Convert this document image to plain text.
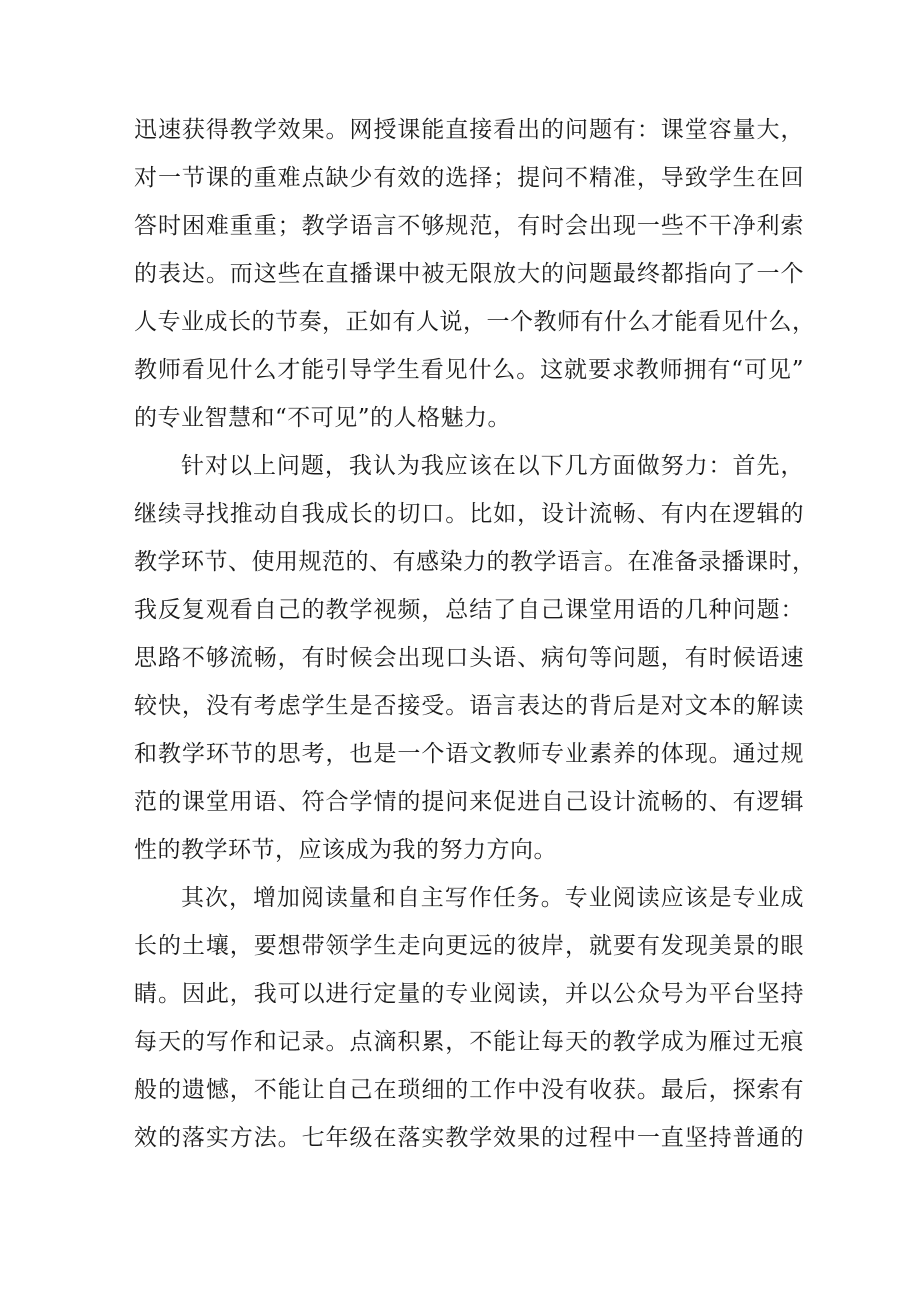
迅速获得教学效果。网授课能直接看出的问题有：课堂容量大，
对一节课的重难点缺少有效的选择；提问不精准，导致学生在回
答时困难重重；教学语言不够规范，有时会出现一些不干净利索
的表达。而这些在直播课中被无限放大的问题最终都指向了一个
人专业成长的节奏，正如有人说，一个教师有什么才能看见什么，
教师看见什么才能引导学生看见什么。这就要求教师拥有“可见”
的专业智慧和“不可见”的人格魅力。
针对以上问题，我认为我应该在以下几方面做努力：首先，
继续寻找推动自我成长的切口。比如，设计流畅、有内在逻辑的
教学环节、使用规范的、有感染力的教学语言。在准备录播课时，
我反复观看自己的教学视频，总结了自己课堂用语的几种问题：
思路不够流畅，有时候会出现口头语、病句等问题，有时候语速
较快，没有考虑学生是否接受。语言表达的背后是对文本的解读
和教学环节的思考，也是一个语文教师专业素养的体现。通过规
范的课堂用语、符合学情的提问来促进自己设计流畅的、有逻辑
性的教学环节，应该成为我的努力方向。
其次，增加阅读量和自主写作任务。专业阅读应该是专业成
长的土壤，要想带领学生走向更远的彼岸，就要有发现美景的眼
睛。因此，我可以进行定量的专业阅读，并以公众号为平台坚持
每天的写作和记录。点滴积累，不能让每天的教学成为雁过无痕
般的遗憾，不能让自己在琐细的工作中没有收获。最后，探索有
效的落实方法。七年级在落实教学效果的过程中一直坚持普通的
